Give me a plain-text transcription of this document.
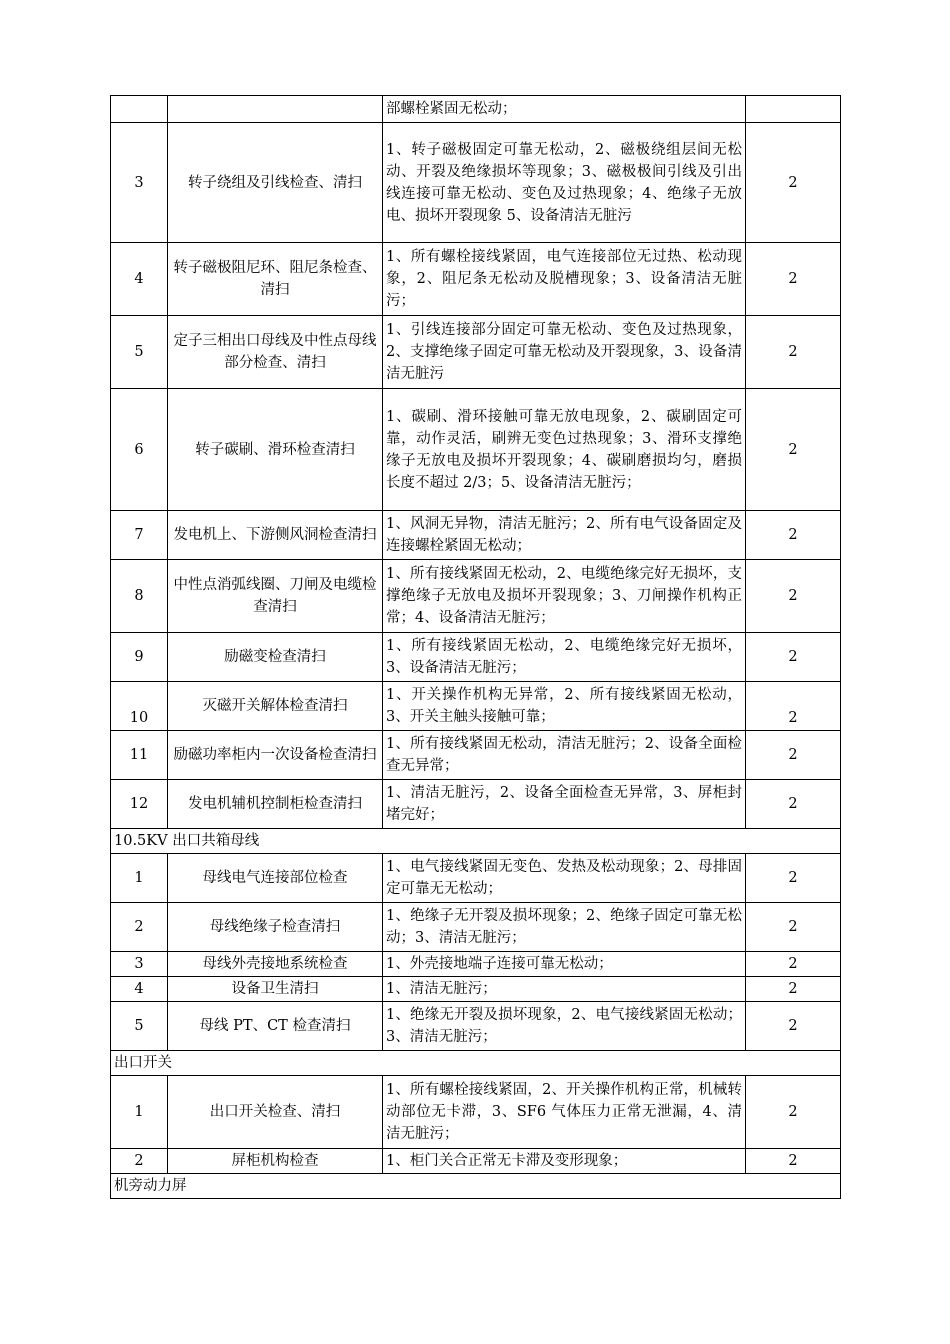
		部螺栓紧固无松动；	
3	转子绕组及引线检查、清扫	1、转子磁极固定可靠无松动，2、磁极绕组层间无松动、开裂及绝缘损坏等现象；3、磁极极间引线及引出线连接可靠无松动、变色及过热现象；4、绝缘子无放电、损坏开裂现象 5、设备清洁无脏污	2
4	转子磁极阻尼环、阻尼条检查、清扫	1、所有螺栓接线紧固，电气连接部位无过热、松动现象，2、阻尼条无松动及脱槽现象；3、设备清洁无脏污；	2
5	定子三相出口母线及中性点母线部分检查、清扫	1、引线连接部分固定可靠无松动、变色及过热现象，2、支撑绝缘子固定可靠无松动及开裂现象，3、设备清洁无脏污	2
6	转子碳刷、滑环检查清扫	1、碳刷、滑环接触可靠无放电现象，2、碳刷固定可靠，动作灵活，刷辨无变色过热现象；3、滑环支撑绝缘子无放电及损坏开裂现象；4、碳刷磨损均匀，磨损长度不超过 2/3；5、设备清洁无脏污；	2
7	发电机上、下游侧风洞检查清扫	1、风洞无异物，清洁无脏污；2、所有电气设备固定及连接螺栓紧固无松动；	2
8	中性点消弧线圈、刀闸及电缆检查清扫	1、所有接线紧固无松动，2、电缆绝缘完好无损坏，支撑绝缘子无放电及损坏开裂现象；3、刀闸操作机构正常；4、设备清洁无脏污；	2
9	励磁变检查清扫	1、所有接线紧固无松动，2、电缆绝缘完好无损坏，3、设备清洁无脏污；	2
10	灭磁开关解体检查清扫	1、开关操作机构无异常，2、所有接线紧固无松动，3、开关主触头接触可靠；	2
11	励磁功率柜内一次设备检查清扫	1、所有接线紧固无松动，清洁无脏污；2、设备全面检查无异常；	2
12	发电机辅机控制柜检查清扫	1、清洁无脏污，2、设备全面检查无异常，3、屏柜封堵完好；	2
10.5KV 出口共箱母线			
1	母线电气连接部位检查	1、电气接线紧固无变色、发热及松动现象；2、母排固定可靠无无松动；	2
2	母线绝缘子检查清扫	1、绝缘子无开裂及损坏现象；2、绝缘子固定可靠无松动；3、清洁无脏污；	2
3	母线外壳接地系统检查	1、外壳接地端子连接可靠无松动；	2
4	设备卫生清扫	1、清洁无脏污；	2
5	母线 PT、CT 检查清扫	1、绝缘无开裂及损坏现象，2、电气接线紧固无松动；3、清洁无脏污；	2
出口开关			
1	出口开关检查、清扫	1、所有螺栓接线紧固，2、开关操作机构正常，机械转动部位无卡滞，3、SF6 气体压力正常无泄漏，4、清洁无脏污；	2
2	屏柜机构检查	1、柜门关合正常无卡滞及变形现象；	2
机旁动力屏			
